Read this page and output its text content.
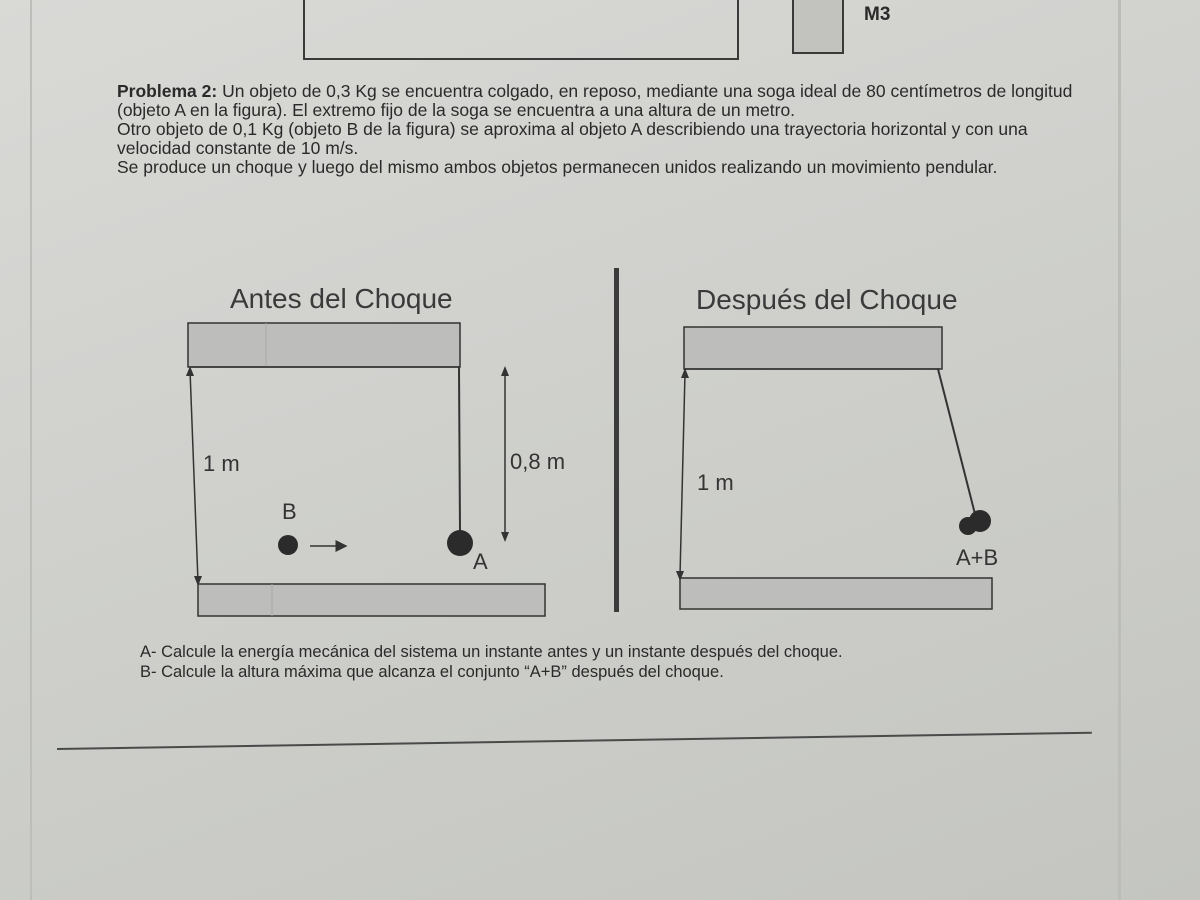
M3

Problema 2: Un objeto de 0,3 Kg se encuentra colgado, en reposo, mediante una soga ideal de 80 centímetros de longitud (objeto A en la figura). El extremo fijo de la soga se encuentra a una altura de un metro.

Otro objeto de 0,1 Kg (objeto B de la figura) se aproxima al objeto A describiendo una trayectoria horizontal y con una velocidad constante de 10 m/s.

Se produce un choque y luego del mismo ambos objetos permanecen unidos realizando un movimiento pendular.

Antes del Choque	Después del Choque
1 m	0,8 m
B
A
1 m
A+B
A- Calcule la energía mecánica del sistema un instante antes y un instante después del choque.
B- Calcule la altura máxima que alcanza el conjunto “A+B” después del choque.
